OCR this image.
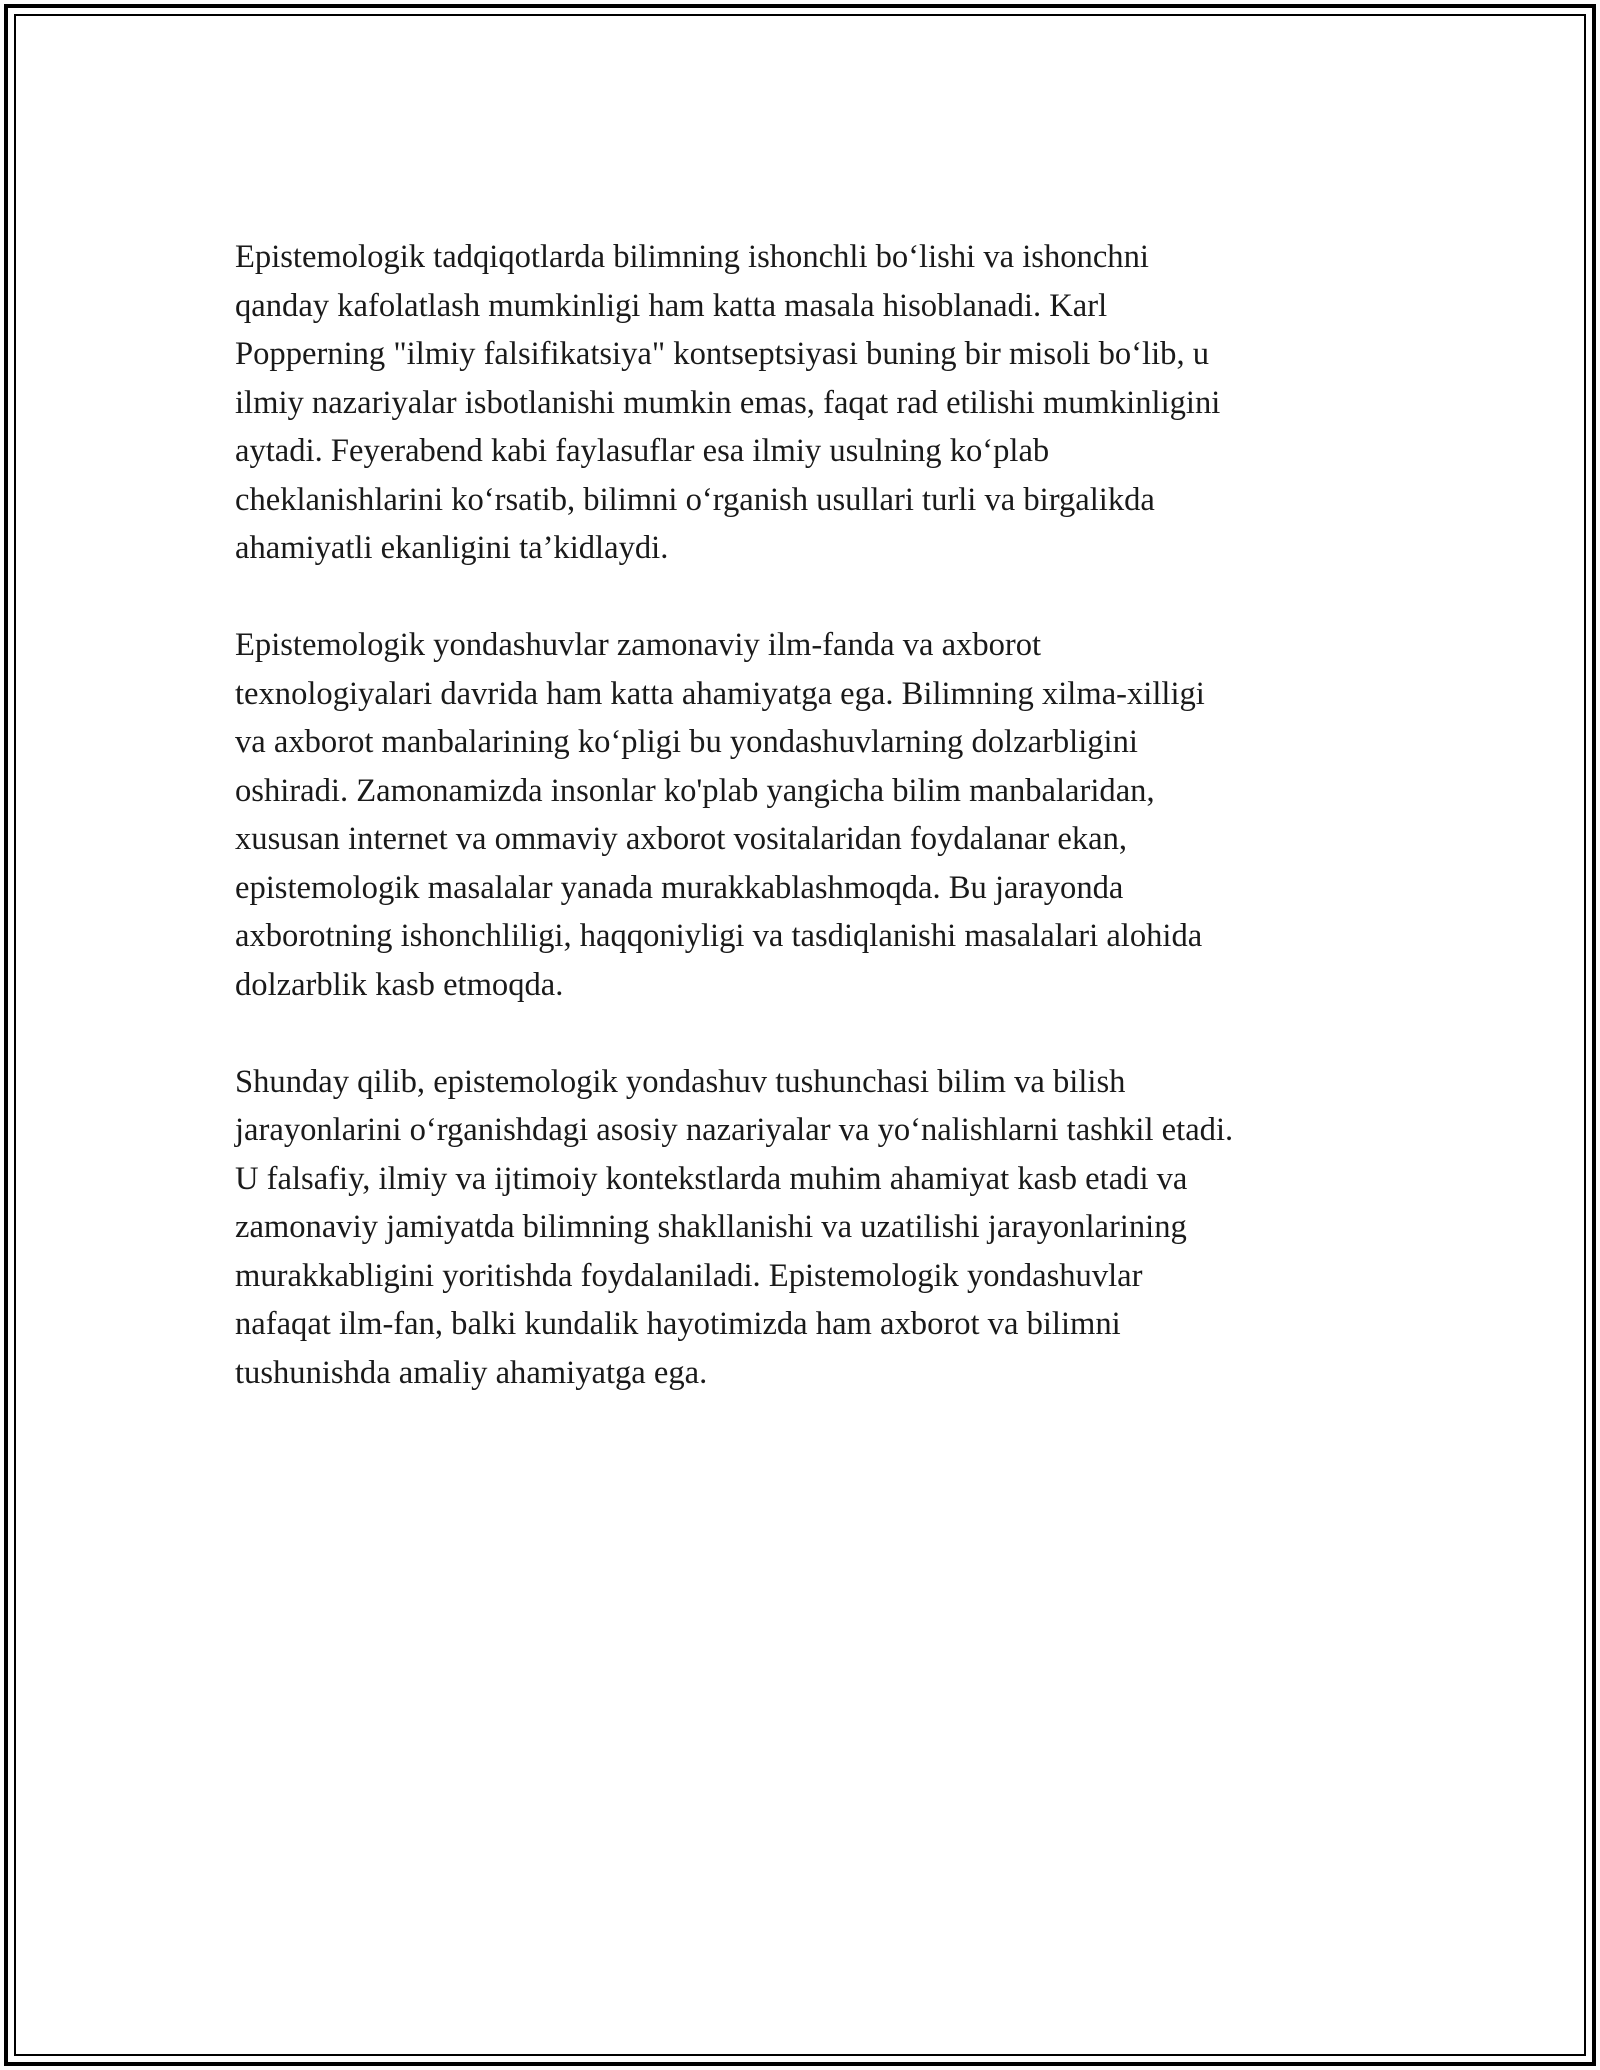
Epistemologik tadqiqotlarda bilimning ishonchli bo‘lishi va ishonchni
qanday kafolatlash mumkinligi ham katta masala hisoblanadi. Karl
Popperning "ilmiy falsifikatsiya" kontseptsiyasi buning bir misoli bo‘lib, u
ilmiy nazariyalar isbotlanishi mumkin emas, faqat rad etilishi mumkinligini
aytadi. Feyerabend kabi faylasuflar esa ilmiy usulning ko‘plab
cheklanishlarini ko‘rsatib, bilimni o‘rganish usullari turli va birgalikda
ahamiyatli ekanligini ta’kidlaydi.

Epistemologik yondashuvlar zamonaviy ilm-fanda va axborot
texnologiyalari davrida ham katta ahamiyatga ega. Bilimning xilma-xilligi
va axborot manbalarining ko‘pligi bu yondashuvlarning dolzarbligini
oshiradi. Zamonamizda insonlar ko'plab yangicha bilim manbalaridan,
xususan internet va ommaviy axborot vositalaridan foydalanar ekan,
epistemologik masalalar yanada murakkablashmoqda. Bu jarayonda
axborotning ishonchliligi, haqqoniyligi va tasdiqlanishi masalalari alohida
dolzarblik kasb etmoqda.

Shunday qilib, epistemologik yondashuv tushunchasi bilim va bilish
jarayonlarini o‘rganishdagi asosiy nazariyalar va yo‘nalishlarni tashkil etadi.
U falsafiy, ilmiy va ijtimoiy kontekstlarda muhim ahamiyat kasb etadi va
zamonaviy jamiyatda bilimning shakllanishi va uzatilishi jarayonlarining
murakkabligini yoritishda foydalaniladi. Epistemologik yondashuvlar
nafaqat ilm-fan, balki kundalik hayotimizda ham axborot va bilimni
tushunishda amaliy ahamiyatga ega.
